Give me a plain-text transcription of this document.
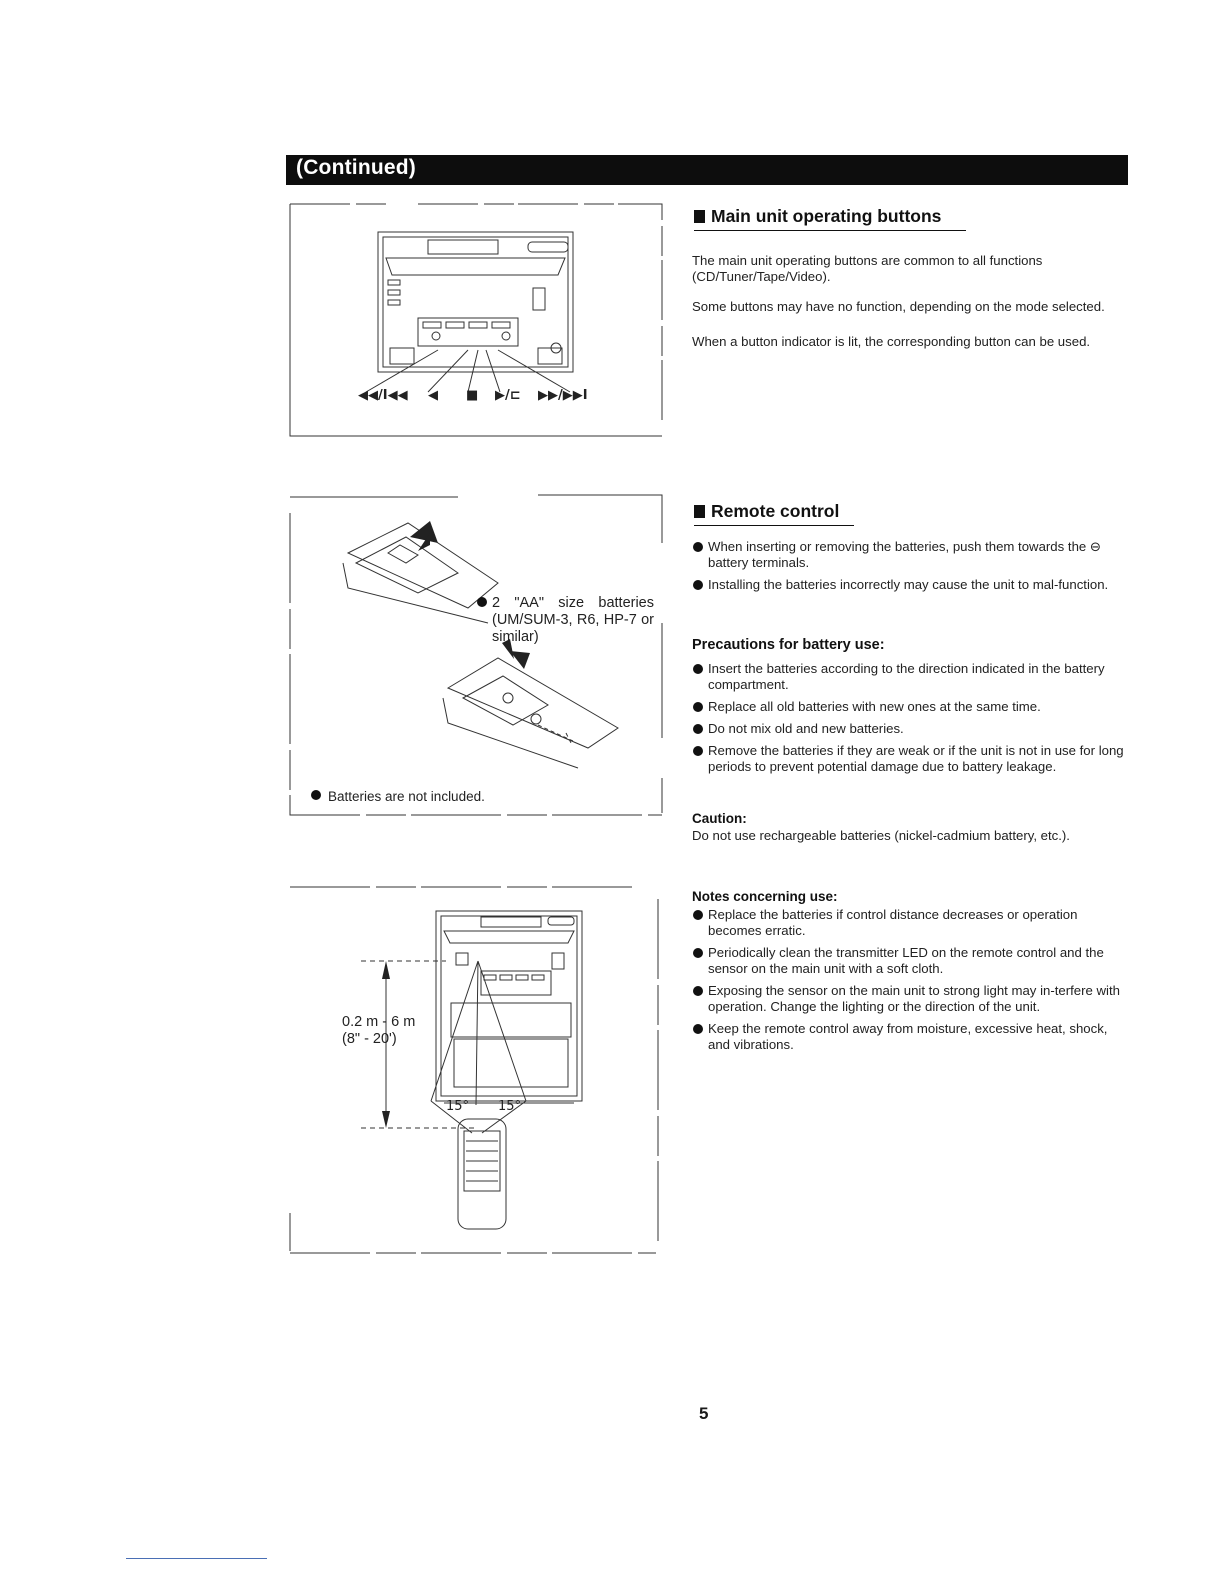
(Continued)
◀◀/I◀◀ ◀ ■ ▶/⊏ ▶▶/▶▶I
Main unit operating buttons

The main unit operating buttons are common to all functions (CD/Tuner/Tape/Video).

Some buttons may have no function, depending on the mode selected.

When a button indicator is lit, the corresponding button can be used.

2 "AA" size batteries (UM/SUM-3, R6, HP-7 or similar)
Batteries are not included.
Remote control
When inserting or removing the batteries, push them towards the ⊖ battery terminals.
Installing the batteries incorrectly may cause the unit to mal-function.
Precautions for battery use:
Insert the batteries according to the direction indicated in the battery compartment.
Replace all old batteries with new ones at the same time.
Do not mix old and new batteries.
Remove the batteries if they are weak or if the unit is not in use for long periods to prevent potential damage due to battery leakage.
Caution:

Do not use rechargeable batteries (nickel-cadmium battery, etc.).

15° 15°
0.2 m - 6 m
(8" - 20')
Notes concerning use:
Replace the batteries if control distance decreases or operation becomes erratic.
Periodically clean the transmitter LED on the remote control and the sensor on the main unit with a soft cloth.
Exposing the sensor on the main unit to strong light may in-terfere with operation. Change the lighting or the direction of the unit.
Keep the remote control away from moisture, excessive heat, shock, and vibrations.
5
